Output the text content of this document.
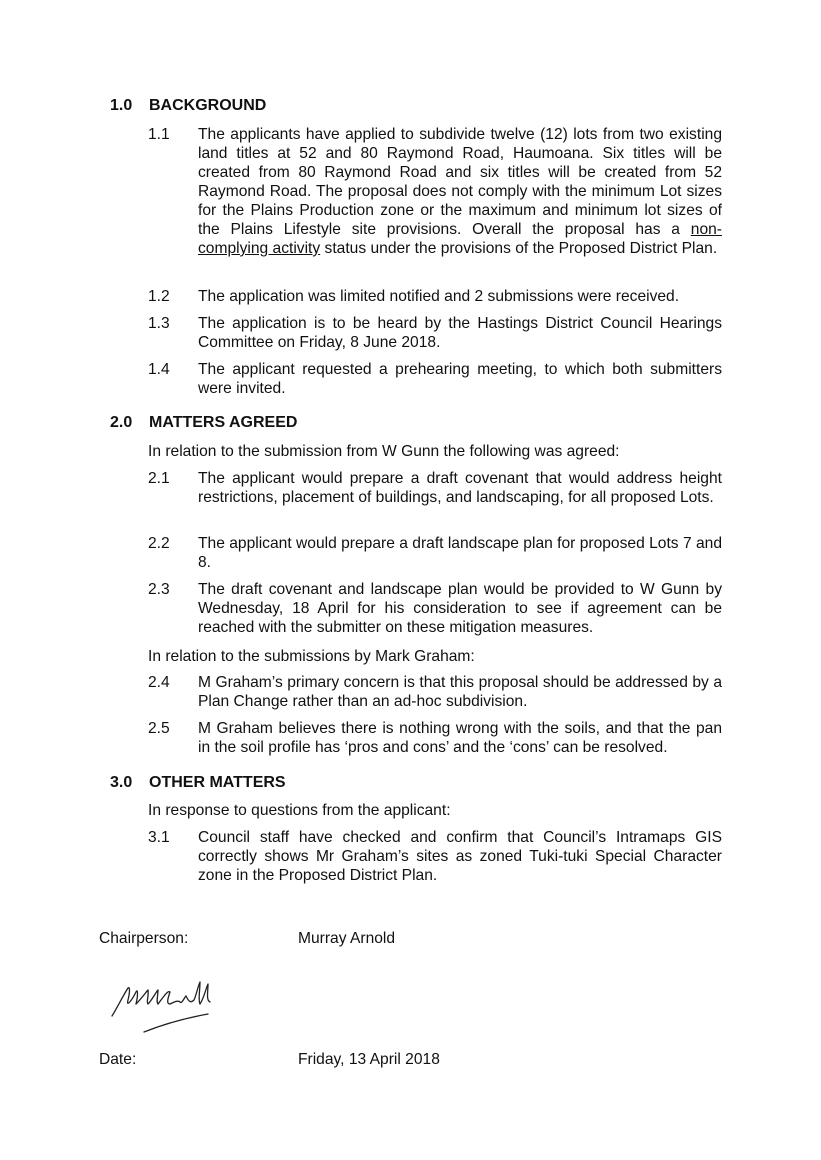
1.0 BACKGROUND
1.1	The applicants have applied to subdivide twelve (12) lots from two existing land titles at 52 and 80 Raymond Road, Haumoana. Six titles will be created from 80 Raymond Road and six titles will be created from 52 Raymond Road. The proposal does not comply with the minimum Lot sizes for the Plains Production zone or the maximum and minimum lot sizes of the Plains Lifestyle site provisions. Overall the proposal has a non-complying activity status under the provisions of the Proposed District Plan.
1.2	The application was limited notified and 2 submissions were received.
1.3	The application is to be heard by the Hastings District Council Hearings Committee on Friday, 8 June 2018.
1.4	The applicant requested a prehearing meeting, to which both submitters were invited.
2.0 MATTERS AGREED
In relation to the submission from W Gunn the following was agreed:
2.1	The applicant would prepare a draft covenant that would address height restrictions, placement of buildings, and landscaping, for all proposed Lots.
2.2	The applicant would prepare a draft landscape plan for proposed Lots 7 and 8.
2.3	The draft covenant and landscape plan would be provided to W Gunn by Wednesday, 18 April for his consideration to see if agreement can be reached with the submitter on these mitigation measures.
In relation to the submissions by Mark Graham:
2.4	M Graham’s primary concern is that this proposal should be addressed by a Plan Change rather than an ad-hoc subdivision.
2.5	M Graham believes there is nothing wrong with the soils, and that the pan in the soil profile has ‘pros and cons’ and the ‘cons’ can be resolved.
3.0 OTHER MATTERS
In response to questions from the applicant:
3.1	Council staff have checked and confirm that Council’s Intramaps GIS correctly shows Mr Graham’s sites as zoned Tuki-tuki Special Character zone in the Proposed District Plan.
Chairperson:	Murray Arnold
Date:	Friday, 13 April 2018
